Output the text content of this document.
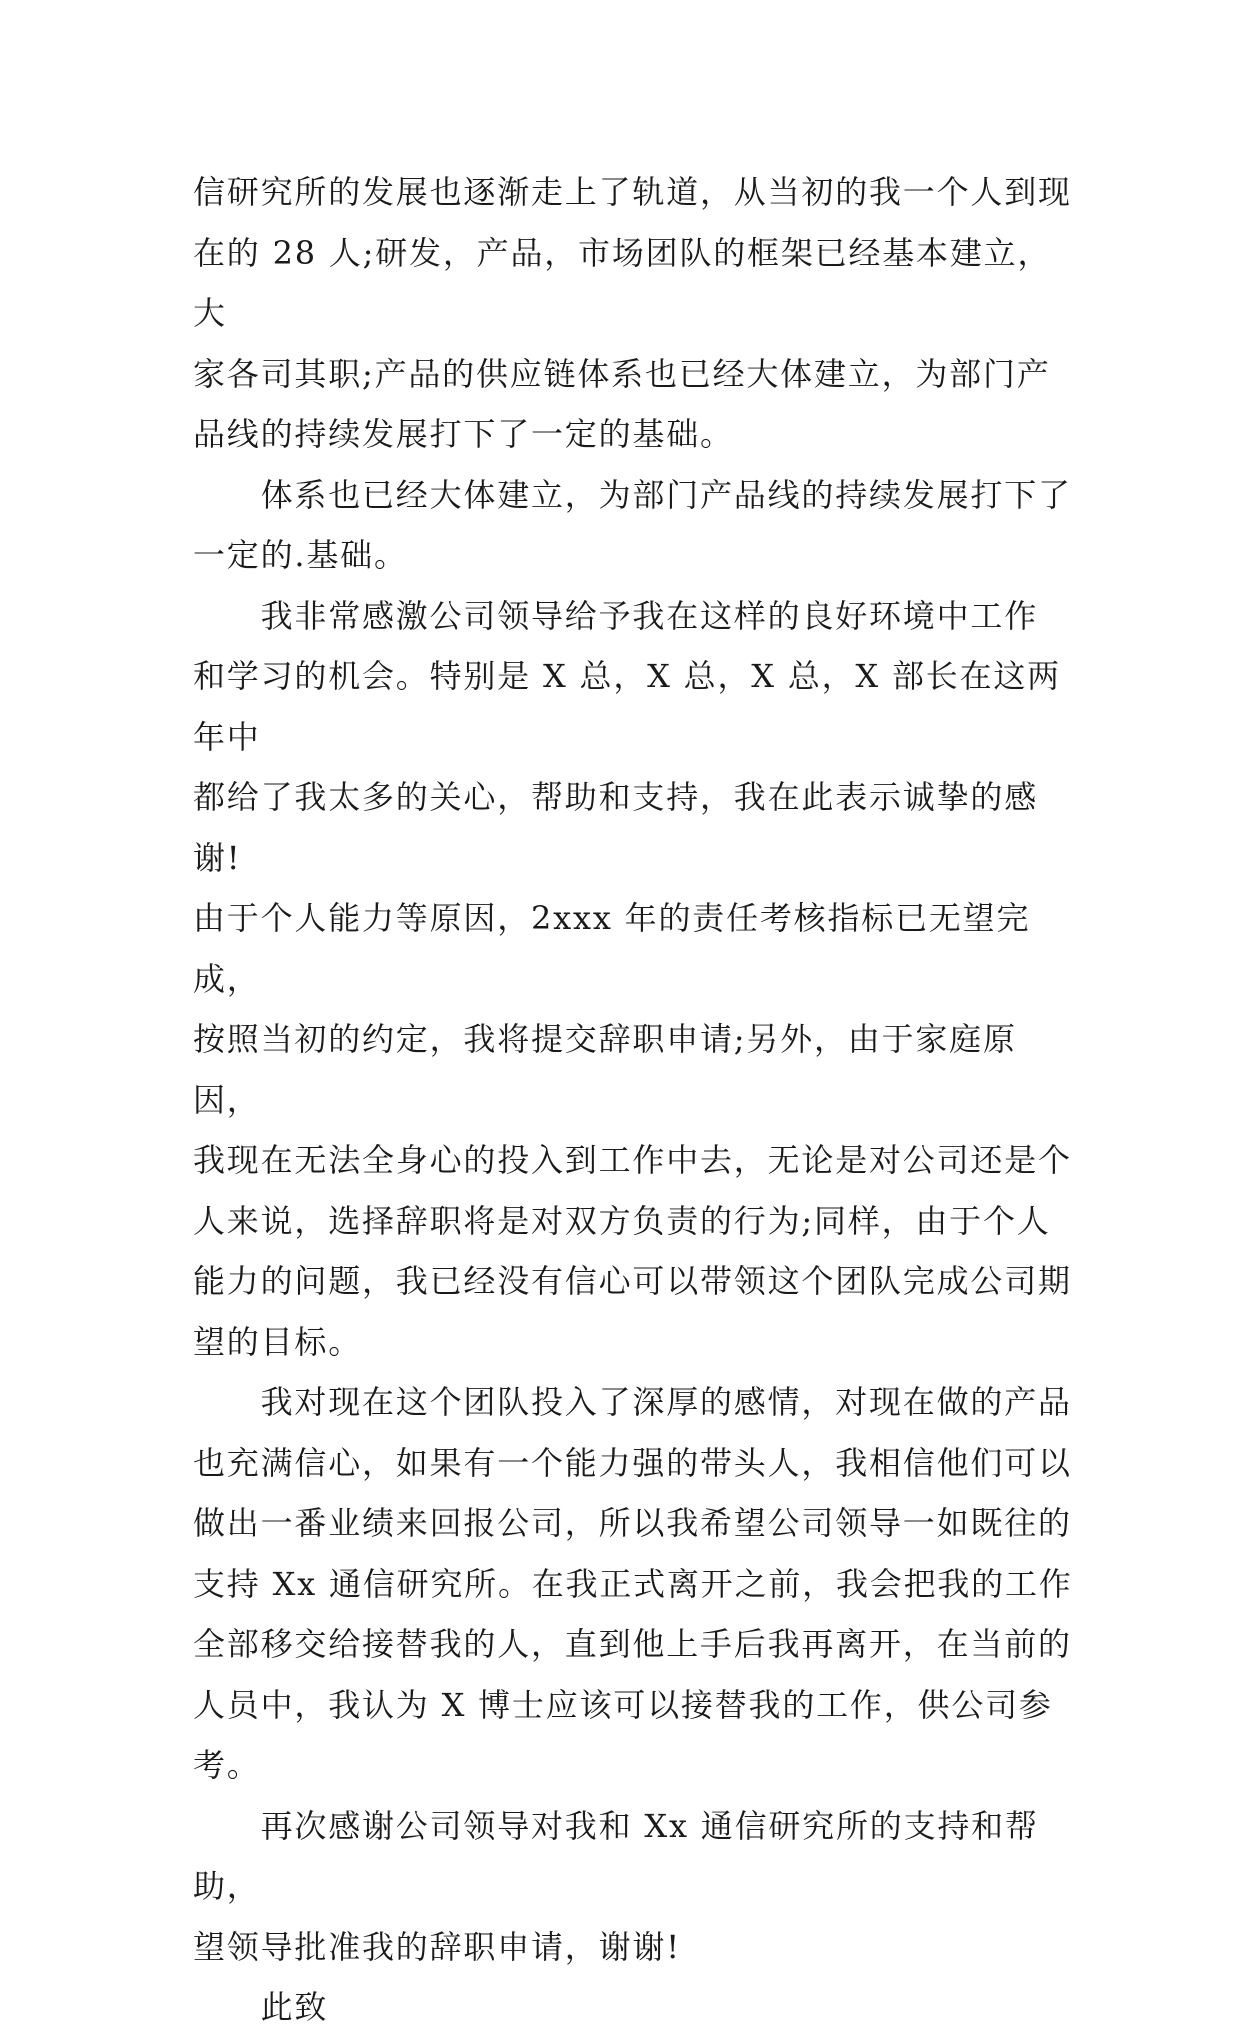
信研究所的发展也逐渐走上了轨道，从当初的我一个人到现
在的 28 人;研发，产品，市场团队的框架已经基本建立，大
家各司其职;产品的供应链体系也已经大体建立，为部门产
品线的持续发展打下了一定的基础。

　　体系也已经大体建立，为部门产品线的持续发展打下了
一定的.基础。

　　我非常感激公司领导给予我在这样的良好环境中工作
和学习的机会。特别是 X 总，X 总，X 总，X 部长在这两年中
都给了我太多的关心，帮助和支持，我在此表示诚挚的感谢!
由于个人能力等原因，2xxx 年的责任考核指标已无望完成，
按照当初的约定，我将提交辞职申请;另外，由于家庭原因，
我现在无法全身心的投入到工作中去，无论是对公司还是个
人来说，选择辞职将是对双方负责的行为;同样，由于个人
能力的问题，我已经没有信心可以带领这个团队完成公司期
望的目标。

　　我对现在这个团队投入了深厚的感情，对现在做的产品
也充满信心，如果有一个能力强的带头人，我相信他们可以
做出一番业绩来回报公司，所以我希望公司领导一如既往的
支持 Xx 通信研究所。在我正式离开之前，我会把我的工作
全部移交给接替我的人，直到他上手后我再离开，在当前的
人员中，我认为 X 博士应该可以接替我的工作，供公司参考。

　　再次感谢公司领导对我和 Xx 通信研究所的支持和帮助，
望领导批准我的辞职申请，谢谢!

　　此致
